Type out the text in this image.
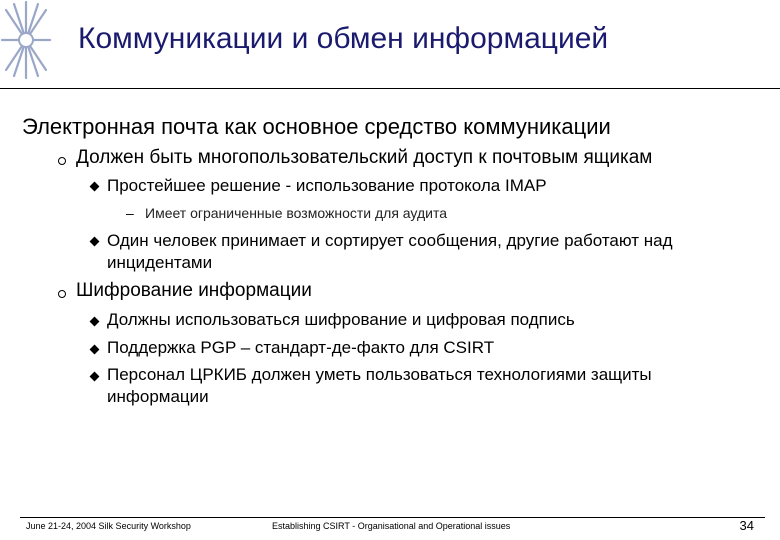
Коммуникации и обмен информацией
Электронная почта как основное средство коммуникации
Должен быть многопользовательский доступ к почтовым ящикам
Простейшее решение - использование протокола IMAP
– Имеет ограниченные возможности для аудита
Один человек принимает и сортирует сообщения, другие работают над
инцидентами
Шифрование информации
Должны использоваться шифрование и цифровая подпись
Поддержка PGP – стандарт-де-факто для CSIRT
Персонал ЦРКИБ должен уметь пользоваться технологиями защиты
информации
June 21-24, 2004 Silk Security Workshop	Establishing CSIRT - Organisational and Operational issues	34
